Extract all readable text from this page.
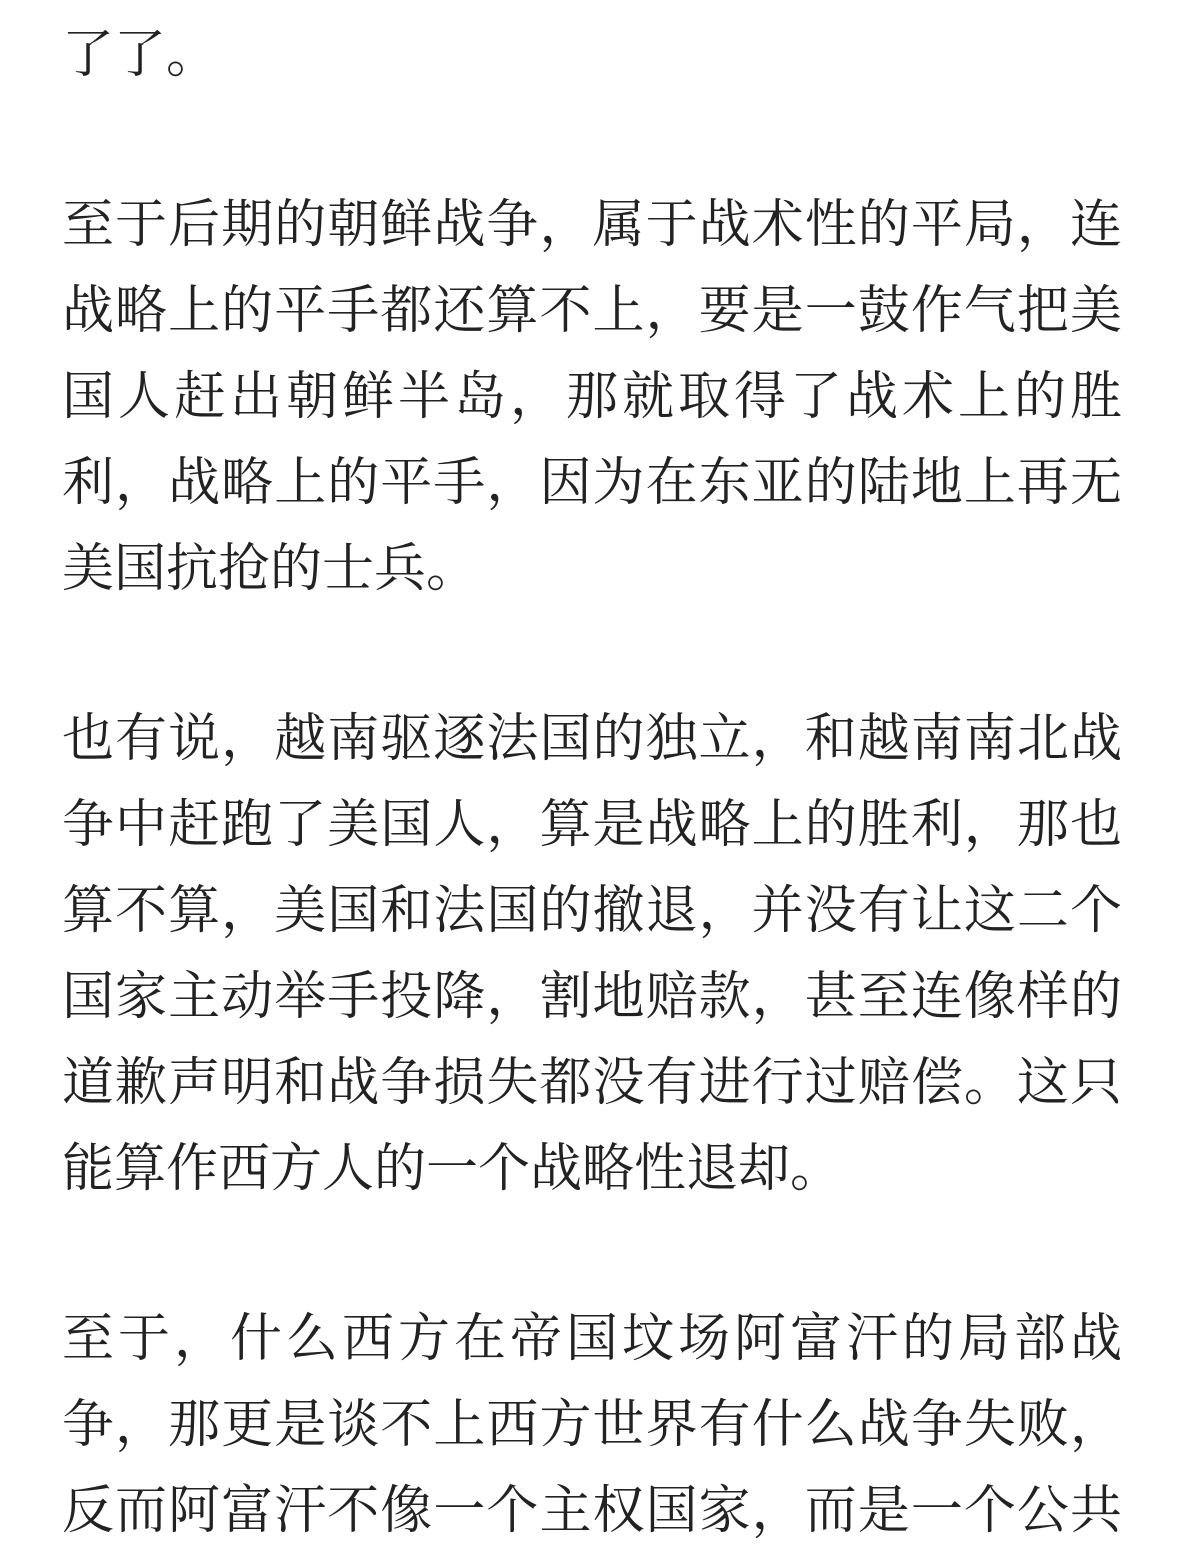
了了。
至于后期的朝鲜战争，属于战术性的平局，连
战略上的平手都还算不上，要是一鼓作气把美
国人赶出朝鲜半岛，那就取得了战术上的胜
利，战略上的平手，因为在东亚的陆地上再无
美国抗抢的士兵。
也有说，越南驱逐法国的独立，和越南南北战
争中赶跑了美国人，算是战略上的胜利，那也
算不算，美国和法国的撤退，并没有让这二个
国家主动举手投降，割地赔款，甚至连像样的
道歉声明和战争损失都没有进行过赔偿。这只
能算作西方人的一个战略性退却。
至于，什么西方在帝国坟场阿富汗的局部战
争，那更是谈不上西方世界有什么战争失败，
反而阿富汗不像一个主权国家，而是一个公共
